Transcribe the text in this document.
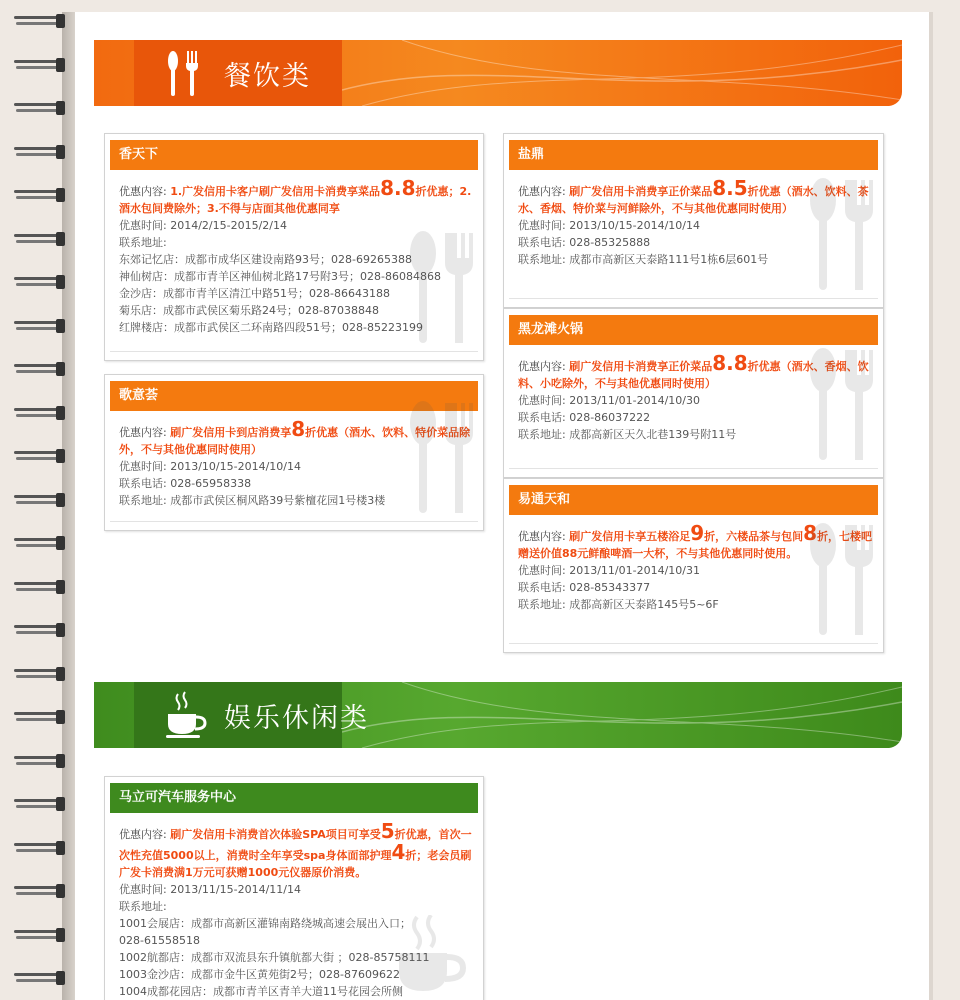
餐饮类
香天下
优惠内容: 1.广发信用卡客户刷广发信用卡消费享菜品8.8折优惠；2.酒水包间费除外；3.不得与店面其他优惠同享
优惠时间: 2014/2/15-2015/2/14
联系地址:
东郊记忆店：成都市成华区建设南路93号；028-69265388
神仙树店：成都市青羊区神仙树北路17号附3号；028-86084868
金沙店：成都市青羊区清江中路51号；028-86643188
菊乐店：成都市武侯区菊乐路24号；028-87038848
红牌楼店：成都市武侯区二环南路四段51号；028-85223199
盐鼎
优惠内容: 刷广发信用卡消费享正价菜品8.5折优惠（酒水、饮料、茶水、香烟、特价菜与河鲜除外，不与其他优惠同时使用）
优惠时间: 2013/10/15-2014/10/14
联系电话: 028-85325888
联系地址: 成都市高新区天泰路111号1栋6层601号
歌意荟
优惠内容: 刷广发信用卡到店消费享8折优惠（酒水、饮料、特价菜品除外，不与其他优惠同时使用）
优惠时间: 2013/10/15-2014/10/14
联系电话: 028-65958338
联系地址: 成都市武侯区桐风路39号紫檀花园1号楼3楼
黑龙滩火锅
优惠内容: 刷广发信用卡消费享正价菜品8.8折优惠（酒水、香烟、饮料、小吃除外，不与其他优惠同时使用）
优惠时间: 2013/11/01-2014/10/30
联系电话: 028-86037222
联系地址: 成都高新区天久北巷139号附11号
易通天和
优惠内容: 刷广发信用卡享五楼浴足9折，六楼品茶与包间8折，七楼吧赠送价值88元鲜酿啤酒一大杯，不与其他优惠同时使用。
优惠时间: 2013/11/01-2014/10/31
联系电话: 028-85343377
联系地址: 成都高新区天泰路145号5~6F
娱乐休闲类
马立可汽车服务中心
优惠内容: 刷广发信用卡消费首次体验SPA项目可享受5折优惠，首次一次性充值5000以上，消费时全年享受spa身体面部护理4折；老会员刷广发卡消费满1万元可获赠1000元仪器原价消费。
优惠时间: 2013/11/15-2014/11/14
联系地址:
1001会展店：成都市高新区灌锦南路绕城高速会展出入口；
028-61558518
1002航都店：成都市双流县东升镇航都大街 ；028-85758111
1003金沙店：成都市金牛区黄苑街2号；028-87609622
1004成都花园店：成都市青羊区青羊大道11号花园会所侧
